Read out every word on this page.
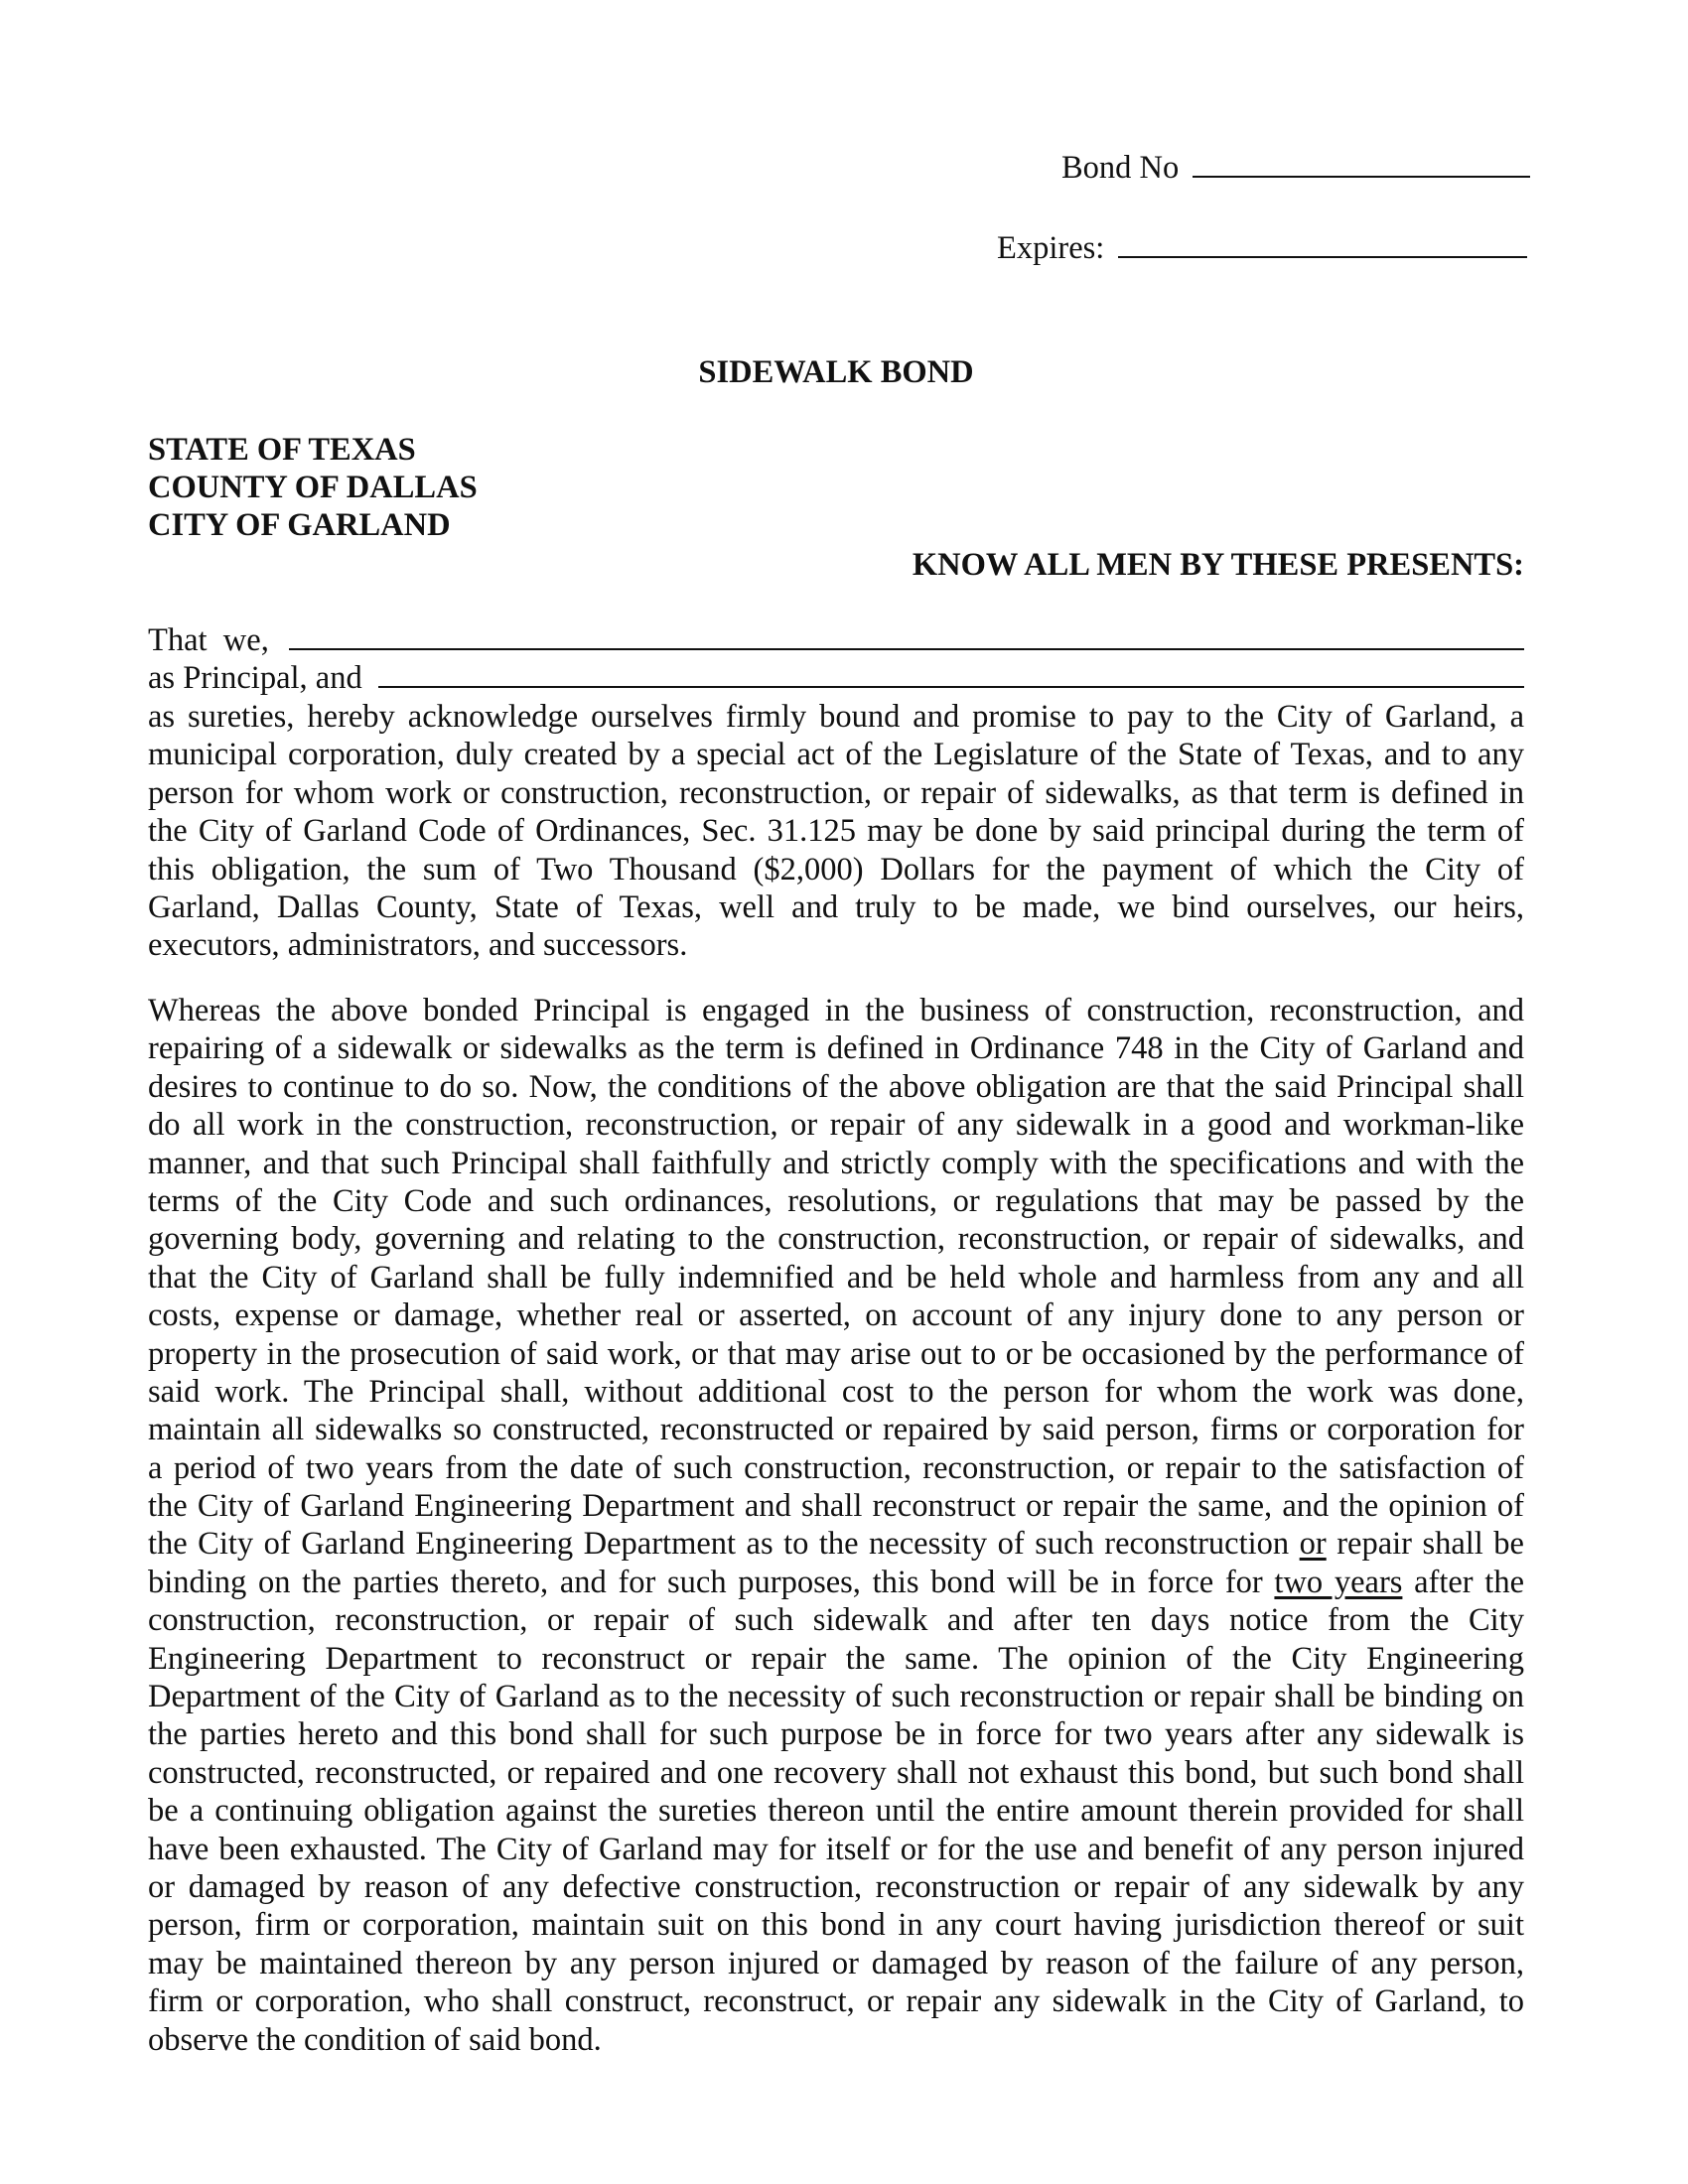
Bond No
Expires:
SIDEWALK BOND
STATE OF TEXAS
COUNTY OF DALLAS
CITY OF GARLAND
KNOW ALL MEN BY THESE PRESENTS:
That  we,
as Principal, and
as sureties, hereby acknowledge ourselves firmly bound and promise to pay to the City of Garland, a
municipal corporation, duly created by a special act of the Legislature of the State of Texas, and to any
person for whom work or construction, reconstruction, or repair of sidewalks, as that term is defined in
the City of Garland Code of Ordinances, Sec. 31.125 may be done by said principal during the term of
this obligation, the sum of Two Thousand ($2,000) Dollars for the payment of which the City of
Garland, Dallas County, State of Texas, well and truly to be made, we bind ourselves, our heirs,
executors, administrators, and successors.
Whereas the above bonded Principal is engaged in the business of construction, reconstruction, and
repairing of a sidewalk or sidewalks as the term is defined in Ordinance 748 in the City of Garland and
desires to continue to do so. Now, the conditions of the above obligation are that the said Principal shall
do all work in the construction, reconstruction, or repair of any sidewalk in a good and workman-like
manner, and that such Principal shall faithfully and strictly comply with the specifications and with the
terms of the City Code and such ordinances, resolutions, or regulations that may be passed by the
governing body, governing and relating to the construction, reconstruction, or repair of sidewalks, and
that the City of Garland shall be fully indemnified and be held whole and harmless from any and all
costs, expense or damage, whether real or asserted, on account of any injury done to any person or
property in the prosecution of said work, or that may arise out to or be occasioned by the performance of
said work. The Principal shall, without additional cost to the person for whom the work was done,
maintain all sidewalks so constructed, reconstructed or repaired by said person, firms or corporation for
a period of two years from the date of such construction, reconstruction, or repair to the satisfaction of
the City of Garland Engineering Department and shall reconstruct or repair the same, and the opinion of
the City of Garland Engineering Department as to the necessity of such reconstruction or repair shall be
binding on the parties thereto, and for such purposes, this bond will be in force for two years after the
construction, reconstruction, or repair of such sidewalk and after ten days notice from the City
Engineering Department to reconstruct or repair the same. The opinion of the City Engineering
Department of the City of Garland as to the necessity of such reconstruction or repair shall be binding on
the parties hereto and this bond shall for such purpose be in force for two years after any sidewalk is
constructed, reconstructed, or repaired and one recovery shall not exhaust this bond, but such bond shall
be a continuing obligation against the sureties thereon until the entire amount therein provided for shall
have been exhausted. The City of Garland may for itself or for the use and benefit of any person injured
or damaged by reason of any defective construction, reconstruction or repair of any sidewalk by any
person, firm or corporation, maintain suit on this bond in any court having jurisdiction thereof or suit
may be maintained thereon by any person injured or damaged by reason of the failure of any person,
firm or corporation, who shall construct, reconstruct, or repair any sidewalk in the City of Garland, to
observe the condition of said bond.
